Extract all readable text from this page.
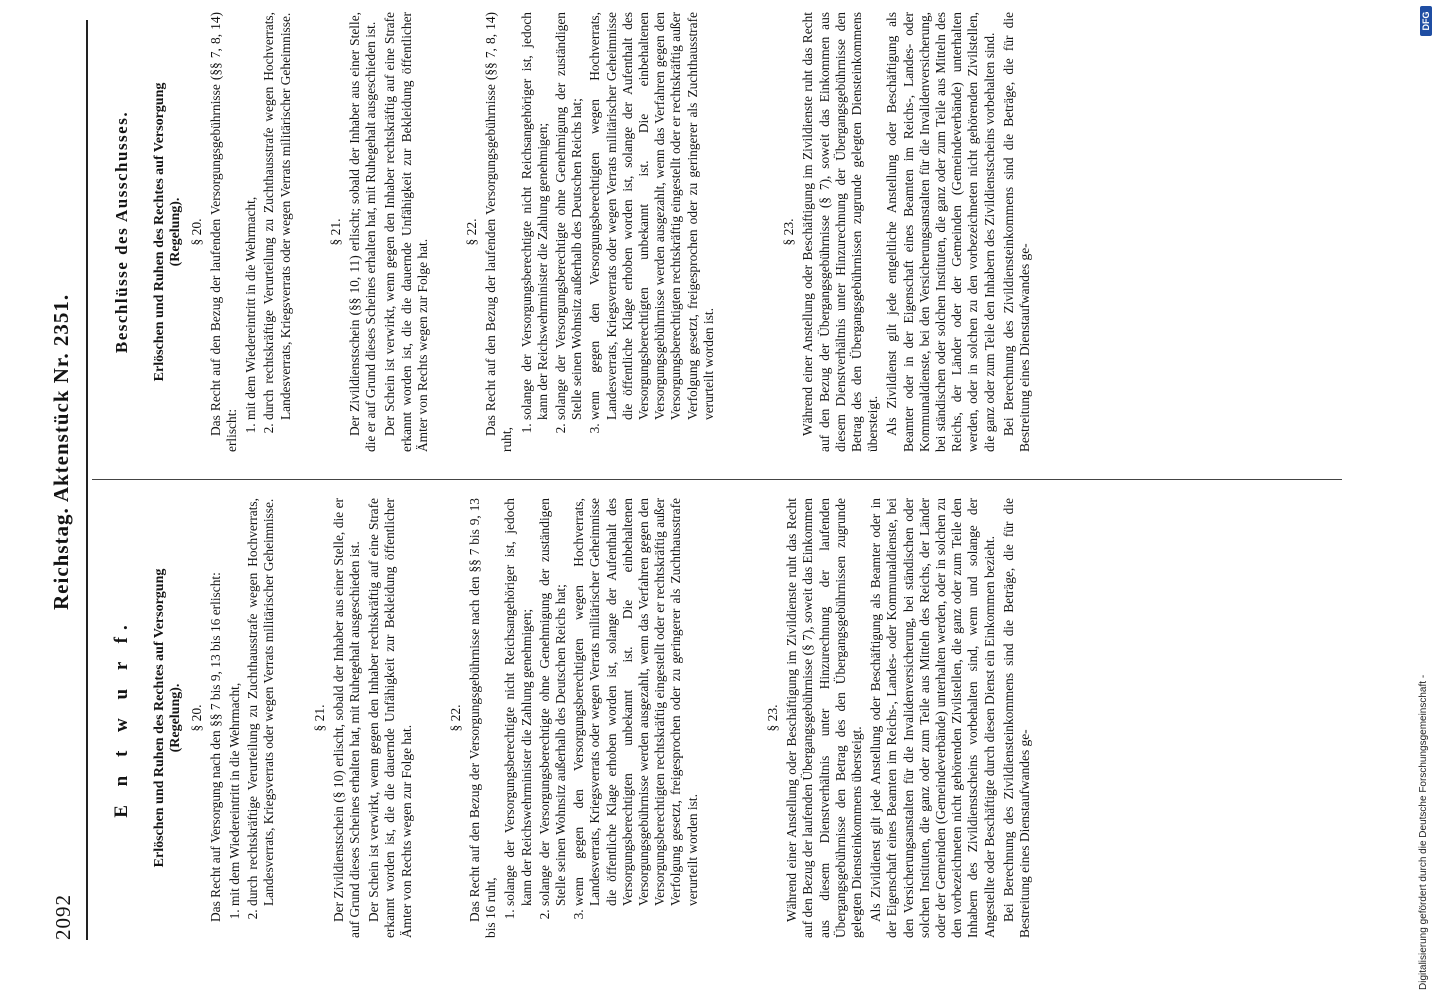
2092
Reichstag. Aktenstück Nr. 2351.
E n t w u r f. Erlöschen und Ruhen des Rechtes auf Versorgung (Regelung). § 20. Das Recht auf Versorgung nach den §§ 7 bis 9, 13 bis 16 erlischt: 1. mit dem Wiedereintritt in die Wehrmacht, 2. durch rechtskräftige Verurteilung zu Zuchthausstrafe wegen Hochverrats, Landesverrats, Kriegsverrats oder wegen Verrats militärischer Geheimnisse.	§ 21. Der Zivildienstschein (§ 10) erlischt, sobald der Inhaber aus einer Stelle, die er auf Grund dieses Scheines erhalten hat, mit Ruhegehalt ausgeschieden ist. Der Schein ist verwirkt, wenn gegen den Inhaber rechtskräftig auf eine Strafe erkannt worden ist, die die dauernde Unfähigkeit zur Bekleidung öffentlicher Ämter von Rechts wegen zur Folge hat.

§ 22. Das Recht auf den Bezug der Versorgungsgebührnisse nach den §§ 7 bis 9, 13 bis 16 ruht,

1. solange der Versorgungsberechtigte nicht Reichsangehöriger ist, jedoch kann der Reichswehrminister die Zahlung genehmigen; 2. solange der Versorgungsberechtigte ohne Genehmigung der zuständigen Stelle seinen Wohnsitz außerhalb des Deutschen Reichs hat; 3. wenn gegen den Versorgungsberechtigten wegen Hochverrats, Landesverrats, Kriegsverrats oder wegen Verrats militärischer Geheimnisse die öffentliche Klage erhoben worden ist, solange der Aufenthalt des Versorgungsberechtigten unbekannt ist. Die einbehaltenen Versorgungsgebührnisse werden ausgezahlt, wenn das Verfahren gegen den Versorgungsberechtigten rechtskräftig eingestellt oder er rechtskräftig außer Verfolgung gesetzt, freigesprochen oder zu geringerer als Zuchthausstrafe verurteilt worden ist.
§ 23. Während einer Anstellung oder Beschäftigung im Zivildienste ruht das Recht auf den Bezug der laufenden Übergangsgebührnisse (§ 7), soweit das Einkommen aus diesem Dienstverhältnis unter Hinzurechnung der laufenden Übergangsgebührnisse den Betrag des den Übergangsgebührnissen zugrunde gelegten Diensteinkommens übersteigt. Als Zivildienst gilt jede Anstellung oder Beschäftigung als Beamter oder in der Eigenschaft eines Beamten im Reichs-, Landes- oder Kommunaldienste, bei den Versicherungsanstalten für die Invalidenversicherung, bei ständischen oder solchen Instituten, die ganz oder zum Teile aus Mitteln des Reichs, der Länder oder der Gemeinden (Gemeindeverbände) unterhalten werden, oder in solchen zu den vorbezeichneten nicht gehörenden Zivilstellen, die ganz oder zum Teile den Inhabern des Zivildienstscheins vorbehalten sind, wenn und solange der Angestellte oder Beschäftigte durch diesen Dienst ein Einkommen bezieht. Bei Berechnung des Zivildiensteinkommens sind die Beträge, die für die Bestreitung eines Dienstaufwandes ge-

Beschlüsse des Ausschusses. Erlöschen und Ruhen des Rechtes auf Versorgung (Regelung). § 20. Das Recht auf den Bezug der laufenden Versorgungsgebührnisse (§§ 7, 8, 14) erlischt:

1. mit dem Wiedereintritt in die Wehrmacht, 2. durch rechtskräftige Verurteilung zu Zuchthausstrafe wegen Hochverrats, Landesverrats, Kriegsverrats oder wegen Verrats militärischer Geheimnisse.	§ 21. Der Zivildienstschein (§§ 10, 11) erlischt; sobald der Inhaber aus einer Stelle, die er auf Grund dieses Scheines erhalten hat, mit Ruhegehalt ausgeschieden ist. Der Schein ist verwirkt, wenn gegen den Inhaber rechtskräftig auf eine Strafe erkannt worden ist, die die dauernde Unfähigkeit zur Bekleidung öffentlicher Ämter von Rechts wegen zur Folge hat.

§ 22. Das Recht auf den Bezug der laufenden Versorgungsgebührnisse (§§ 7, 8, 14) ruht,

1. solange der Versorgungsberechtigte nicht Reichsangehöriger ist, jedoch kann der Reichswehrminister die Zahlung genehmigen; 2. solange der Versorgungsberechtigte ohne Genehmigung der zuständigen Stelle seinen Wohnsitz außerhalb des Deutschen Reichs hat; 3. wenn gegen den Versorgungsberechtigten wegen Hochverrats, Landesverrats, Kriegsverrats oder wegen Verrats militärischer Geheimnisse die öffentliche Klage erhoben worden ist, solange der Aufenthalt des Versorgungsberechtigten unbekannt ist. Die einbehaltenen Versorgungsgebührnisse werden ausgezahlt, wenn das Verfahren gegen den Versorgungsberechtigten rechtskräftig eingestellt oder er rechtskräftig außer Verfolgung gesetzt, freigesprochen oder zu geringerer als Zuchthausstrafe verurteilt worden ist.
§ 23. Während einer Anstellung oder Beschäftigung im Zivildienste ruht das Recht auf den Bezug der Übergangsgebührnisse (§ 7), soweit das Einkommen aus diesem Dienstverhältnis unter Hinzurechnung der Übergangsgebührnisse den Betrag des den Übergangsgebührnissen zugrunde gelegten Diensteinkommens übersteigt. Als Zivildienst gilt jede entgeltliche Anstellung oder Beschäftigung als Beamter oder in der Eigenschaft eines Beamten im Reichs-, Landes- oder Kommunaldienste, bei den Versicherungsanstalten für die Invalidenversicherung, bei ständischen oder solchen Instituten, die ganz oder zum Teile aus Mitteln des Reichs, der Länder oder der Gemeinden (Gemeindeverbände) unterhalten werden, oder in solchen zu den vorbezeichneten nicht gehörenden Zivilstellen, die ganz oder zum Teile den Inhabern des Zivildienstscheins vorbehalten sind. Bei Berechnung des Zivildiensteinkommens sind die Beträge, die für die Bestreitung eines Dienstaufwandes ge-

Digitalisierung gefördert durch die Deutsche Forschungsgemeinschaft -
DFG
